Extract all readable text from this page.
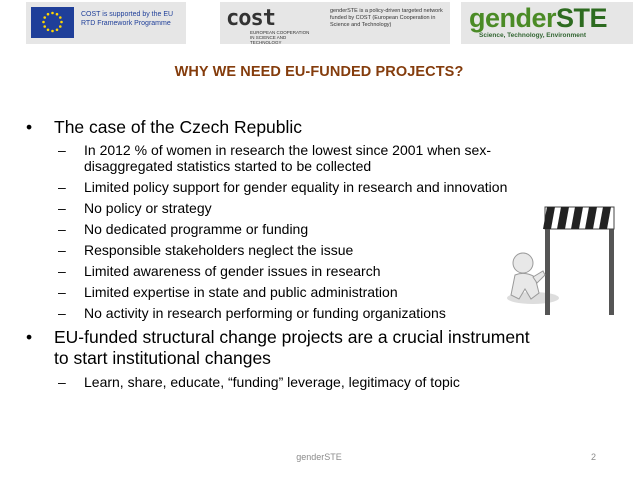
COST is supported by the EU RTD Framework Programme	cost
EUROPEAN COOPERATION IN SCIENCE AND TECHNOLOGY
genderSTE is a policy-driven targeted network funded by COST (European Cooperation in Science and Technology)	genderSTE
Science, Technology, Environment
WHY WE NEED EU-FUNDED PROJECTS?
• The case of the Czech Republic
– In 2012 % of women in research the lowest since 2001 when sex-
disaggregated statistics started to be collected
– Limited policy support for gender equality in research and innovation
– No policy or strategy
– No dedicated programme or funding
– Responsible stakeholders neglect the issue
– Limited awareness of gender issues in research
– Limited expertise in state and public administration
– No activity in research performing or funding organizations
• EU-funded structural change projects are a crucial instrument
to start institutional changes
– Learn, share, educate, “funding” leverage, legitimacy of topic
genderSTE	2
